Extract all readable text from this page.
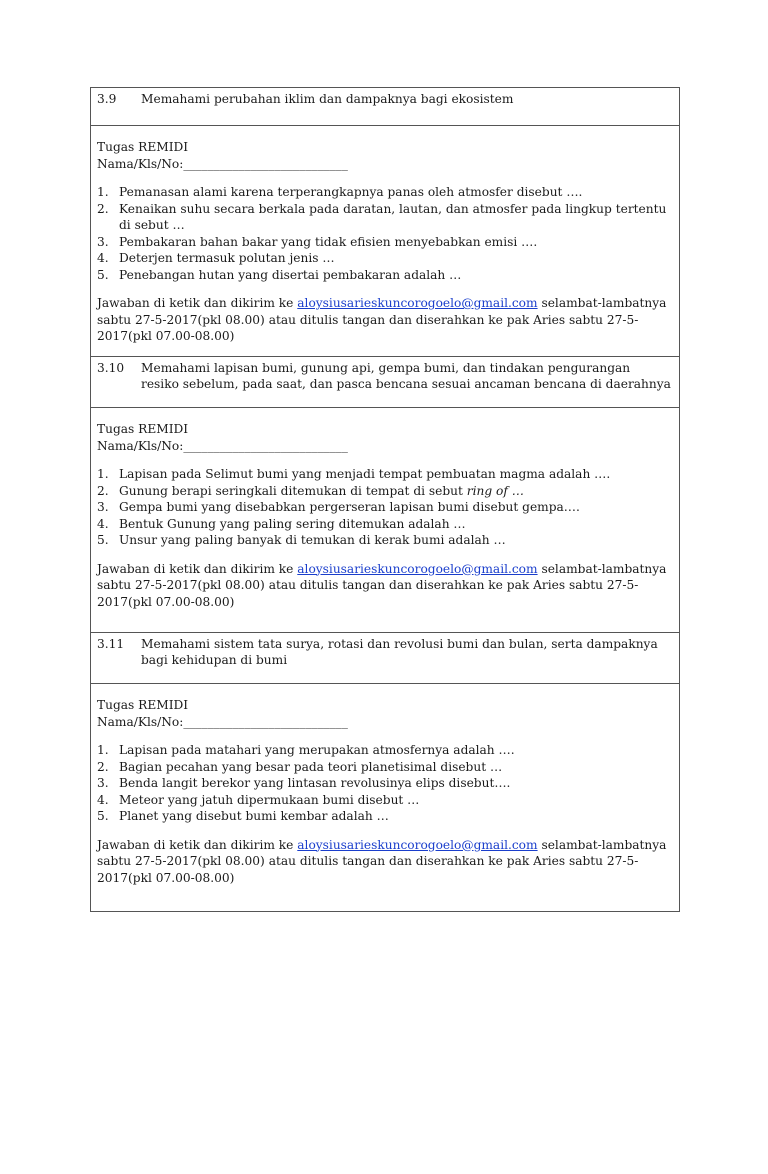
3.9 Memahami perubahan iklim dan dampaknya bagi ekosistem

Tugas REMIDI

Nama/Kls/No:___________________________

1. Pemanasan alami karena terperangkapnya panas oleh atmosfer disebut ….
2. Kenaikan suhu secara berkala pada daratan, lautan, dan atmosfer pada lingkup tertentu di sebut …
3. Pembakaran bahan bakar yang tidak efisien menyebabkan emisi ….
4. Deterjen termasuk polutan jenis …
5. Penebangan hutan yang disertai pembakaran adalah …

Jawaban di ketik dan dikirim ke aloysiusarieskuncorogoelo@gmail.com selambat-lambatnya sabtu 27-5-2017(pkl 08.00) atau ditulis tangan dan diserahkan ke pak Aries sabtu 27-5-2017(pkl 07.00-08.00)

3.10 Memahami lapisan bumi, gunung api, gempa bumi, dan tindakan pengurangan resiko sebelum, pada saat, dan pasca bencana sesuai ancaman bencana di daerahnya

Tugas REMIDI

Nama/Kls/No:___________________________

1. Lapisan pada Selimut bumi yang menjadi tempat pembuatan magma adalah ….
2. Gunung berapi seringkali ditemukan di tempat di sebut ring of …
3. Gempa bumi yang disebabkan pergerseran lapisan bumi disebut gempa….
4. Bentuk Gunung yang paling sering ditemukan adalah …
5. Unsur yang paling banyak di temukan di kerak bumi adalah …

Jawaban di ketik dan dikirim ke aloysiusarieskuncorogoelo@gmail.com selambat-lambatnya sabtu 27-5-2017(pkl 08.00) atau ditulis tangan dan diserahkan ke pak Aries sabtu 27-5-2017(pkl 07.00-08.00)

3.11 Memahami sistem tata surya, rotasi dan revolusi bumi dan bulan, serta dampaknya bagi kehidupan di bumi

Tugas REMIDI

Nama/Kls/No:___________________________

1. Lapisan pada matahari yang merupakan atmosfernya adalah ….
2. Bagian pecahan yang besar pada teori planetisimal disebut …
3. Benda langit berekor yang lintasan revolusinya elips disebut….
4. Meteor yang jatuh dipermukaan bumi disebut …
5. Planet yang disebut bumi kembar adalah …

Jawaban di ketik dan dikirim ke aloysiusarieskuncorogoelo@gmail.com selambat-lambatnya sabtu 27-5-2017(pkl 08.00) atau ditulis tangan dan diserahkan ke pak Aries sabtu 27-5-2017(pkl 07.00-08.00)
